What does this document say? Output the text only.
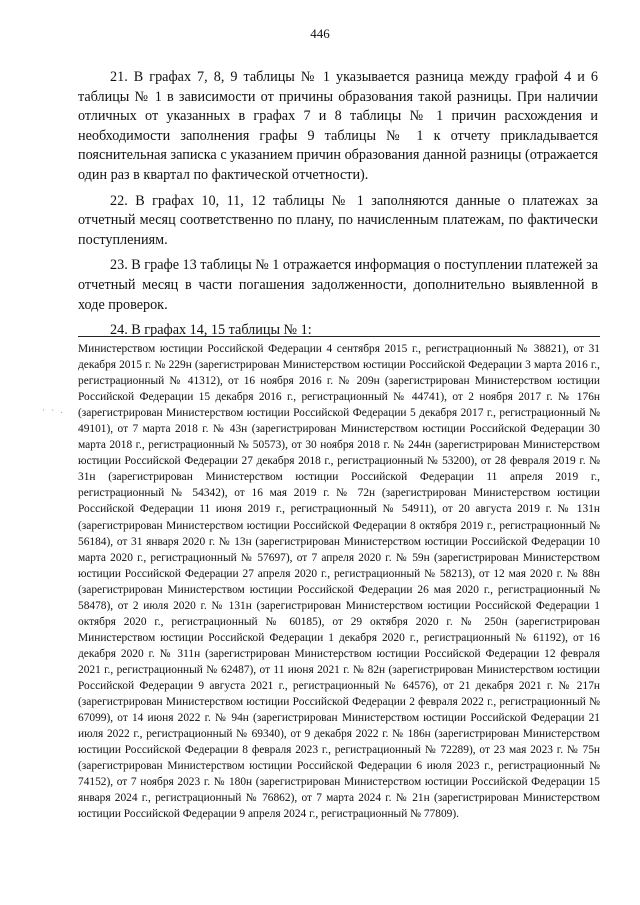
446

21. В графах 7, 8, 9 таблицы № 1 указывается разница между графой 4 и 6 таблицы № 1 в зависимости от причины образования такой разницы. При наличии отличных от указанных в графах 7 и 8 таблицы № 1 причин расхождения и необходимости заполнения графы 9 таблицы № 1 к отчету прикладывается пояснительная записка с указанием причин образования данной разницы (отражается один раз в квартал по фактической отчетности).

22. В графах 10, 11, 12 таблицы № 1 заполняются данные о платежах за отчетный месяц соответственно по плану, по начисленным платежам, по фактически поступлениям.

23. В графе 13 таблицы № 1 отражается информация о поступлении платежей за отчетный месяц в части погашения задолженности, дополнительно выявленной в ходе проверок.

24. В графах 14, 15 таблицы № 1:

· · .
Министерством юстиции Российской Федерации 4 сентября 2015 г., регистрационный № 38821), от 31 декабря 2015 г. № 229н (зарегистрирован Министерством юстиции Российской Федерации 3 марта 2016 г., регистрационный № 41312), от 16 ноября 2016 г. № 209н (зарегистрирован Министерством юстиции Российской Федерации 15 декабря 2016 г., регистрационный № 44741), от 2 ноября 2017 г. № 176н (зарегистрирован Министерством юстиции Российской Федерации 5 декабря 2017 г., регистрационный № 49101), от 7 марта 2018 г. № 43н (зарегистрирован Министерством юстиции Российской Федерации 30 марта 2018 г., регистрационный № 50573), от 30 ноября 2018 г. № 244н (зарегистрирован Министерством юстиции Российской Федерации 27 декабря 2018 г., регистрационный № 53200), от 28 февраля 2019 г. № 31н (зарегистрирован Министерством юстиции Российской Федерации 11 апреля 2019 г., регистрационный № 54342), от 16 мая 2019 г. № 72н (зарегистрирован Министерством юстиции Российской Федерации 11 июня 2019 г., регистрационный № 54911), от 20 августа 2019 г. № 131н (зарегистрирован Министерством юстиции Российской Федерации 8 октября 2019 г., регистрационный № 56184), от 31 января 2020 г. № 13н (зарегистрирован Министерством юстиции Российской Федерации 10 марта 2020 г., регистрационный № 57697), от 7 апреля 2020 г. № 59н (зарегистрирован Министерством юстиции Российской Федерации 27 апреля 2020 г., регистрационный № 58213), от 12 мая 2020 г. № 88н (зарегистрирован Министерством юстиции Российской Федерации 26 мая 2020 г., регистрационный № 58478), от 2 июля 2020 г. № 131н (зарегистрирован Министерством юстиции Российской Федерации 1 октября 2020 г., регистрационный № 60185), от 29 октября 2020 г. № 250н (зарегистрирован Министерством юстиции Российской Федерации 1 декабря 2020 г., регистрационный № 61192), от 16 декабря 2020 г. № 311н (зарегистрирован Министерством юстиции Российской Федерации 12 февраля 2021 г., регистрационный № 62487), от 11 июня 2021 г. № 82н (зарегистрирован Министерством юстиции Российской Федерации 9 августа 2021 г., регистрационный № 64576), от 21 декабря 2021 г. № 217н (зарегистрирован Министерством юстиции Российской Федерации 2 февраля 2022 г., регистрационный № 67099), от 14 июня 2022 г. № 94н (зарегистрирован Министерством юстиции Российской Федерации 21 июля 2022 г., регистрационный № 69340), от 9 декабря 2022 г. № 186н (зарегистрирован Министерством юстиции Российской Федерации 8 февраля 2023 г., регистрационный № 72289), от 23 мая 2023 г. № 75н (зарегистрирован Министерством юстиции Российской Федерации 6 июля 2023 г., регистрационный № 74152), от 7 ноября 2023 г. № 180н (зарегистрирован Министерством юстиции Российской Федерации 15 января 2024 г., регистрационный № 76862), от 7 марта 2024 г. № 21н (зарегистрирован Министерством юстиции Российской Федерации 9 апреля 2024 г., регистрационный № 77809).
